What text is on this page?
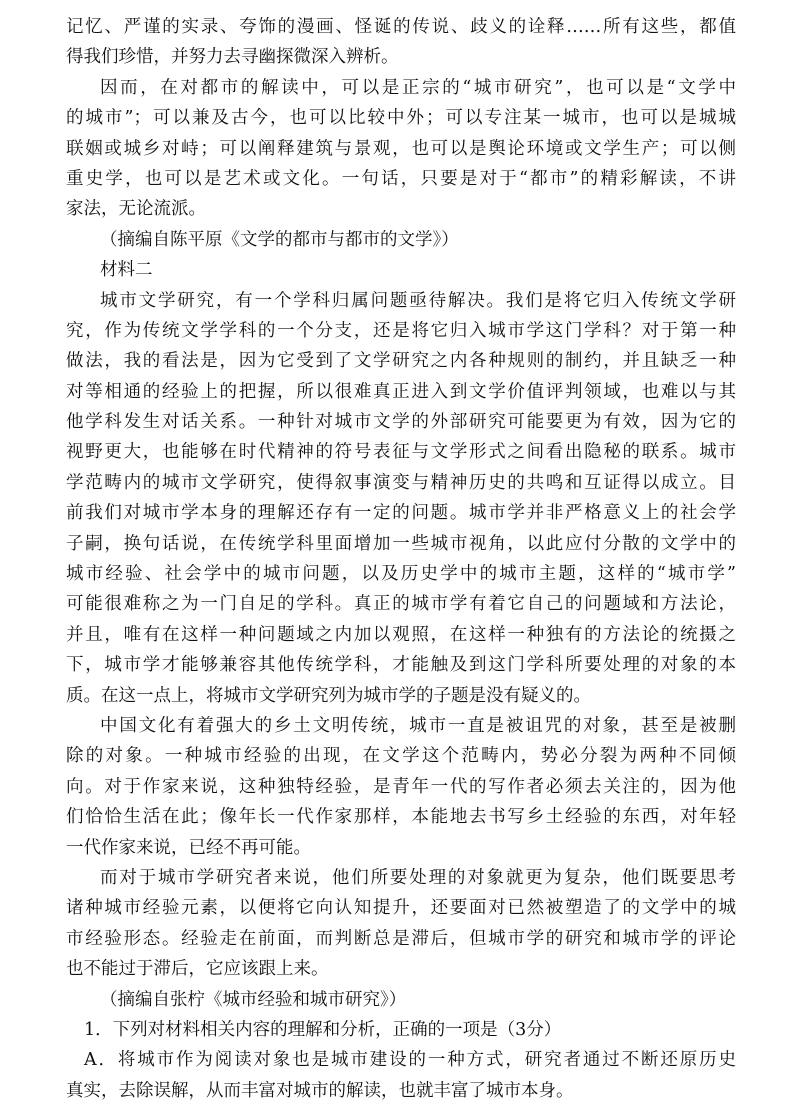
记忆、严谨的实录、夸饰的漫画、怪诞的传说、歧义的诠释……所有这些，都值
得我们珍惜，并努力去寻幽探微深入辨析。
因而，在对都市的解读中，可以是正宗的“城市研究”，也可以是“文学中
的城市”；可以兼及古今，也可以比较中外；可以专注某一城市，也可以是城城
联姻或城乡对峙；可以阐释建筑与景观，也可以是舆论环境或文学生产；可以侧
重史学，也可以是艺术或文化。一句话，只要是对于“都市”的精彩解读，不讲
家法，无论流派。
（摘编自陈平原《文学的都市与都市的文学》）
材料二
城市文学研究，有一个学科归属问题亟待解决。我们是将它归入传统文学研
究，作为传统文学学科的一个分支，还是将它归入城市学这门学科？对于第一种
做法，我的看法是，因为它受到了文学研究之内各种规则的制约，并且缺乏一种
对等相通的经验上的把握，所以很难真正进入到文学价值评判领域，也难以与其
他学科发生对话关系。一种针对城市文学的外部研究可能要更为有效，因为它的
视野更大，也能够在时代精神的符号表征与文学形式之间看出隐秘的联系。城市
学范畴内的城市文学研究，使得叙事演变与精神历史的共鸣和互证得以成立。目
前我们对城市学本身的理解还存有一定的问题。城市学并非严格意义上的社会学
子嗣，换句话说，在传统学科里面增加一些城市视角，以此应付分散的文学中的
城市经验、社会学中的城市问题，以及历史学中的城市主题，这样的“城市学”
可能很难称之为一门自足的学科。真正的城市学有着它自己的问题域和方法论，
并且，唯有在这样一种问题域之内加以观照，在这样一种独有的方法论的统摄之
下，城市学才能够兼容其他传统学科，才能触及到这门学科所要处理的对象的本
质。在这一点上，将城市文学研究列为城市学的子题是没有疑义的。
中国文化有着强大的乡土文明传统，城市一直是被诅咒的对象，甚至是被删
除的对象。一种城市经验的出现，在文学这个范畴内，势必分裂为两种不同倾
向。对于作家来说，这种独特经验，是青年一代的写作者必须去关注的，因为他
们恰恰生活在此；像年长一代作家那样，本能地去书写乡土经验的东西，对年轻
一代作家来说，已经不再可能。
而对于城市学研究者来说，他们所要处理的对象就更为复杂，他们既要思考
诸种城市经验元素，以便将它向认知提升，还要面对已然被塑造了的文学中的城
市经验形态。经验走在前面，而判断总是滞后，但城市学的研究和城市学的评论
也不能过于滞后，它应该跟上来。
（摘编自张柠《城市经验和城市研究》）
1．下列对材料相关内容的理解和分析，正确的一项是（3分）
A．将城市作为阅读对象也是城市建设的一种方式，研究者通过不断还原历史
真实，去除误解，从而丰富对城市的解读，也就丰富了城市本身。
